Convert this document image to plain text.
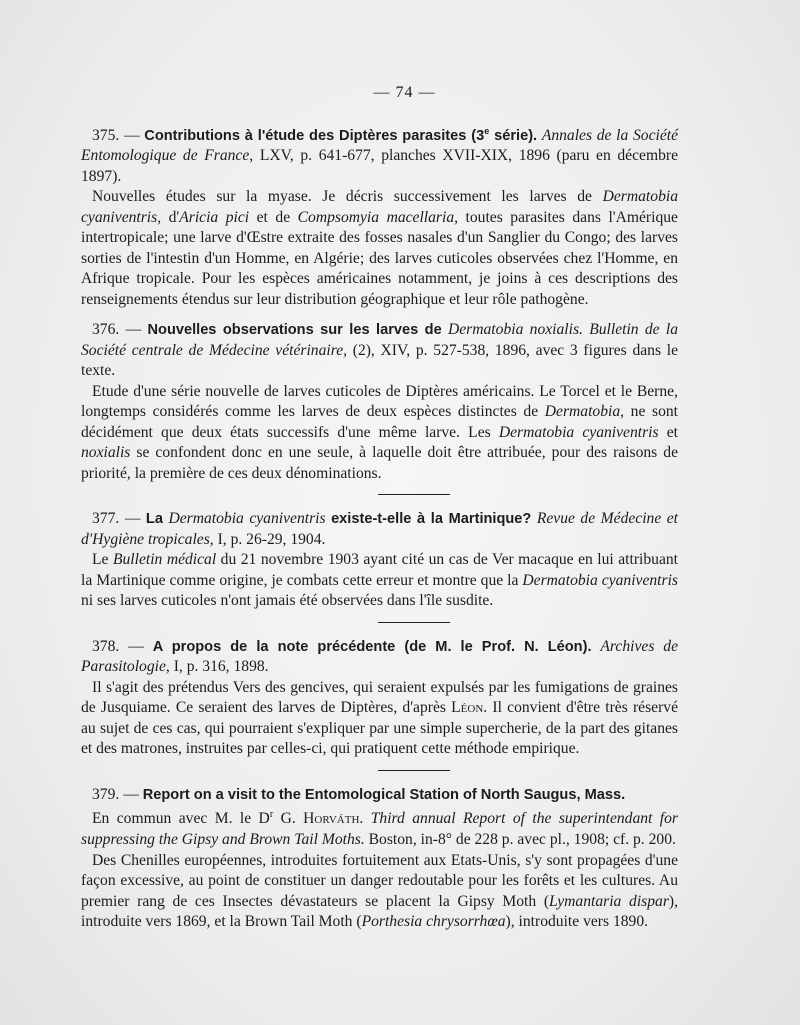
— 74 —

375. — Contributions à l'étude des Diptères parasites (3e série). Annales de la Société Entomologique de France, LXV, p. 641-677, planches XVII-XIX, 1896 (paru en décembre 1897).

Nouvelles études sur la myase. Je décris successivement les larves de Dermatobia cyaniventris, d'Aricia pici et de Compsomyia macellaria, toutes parasites dans l'Amérique intertropicale; une larve d'Œstre extraite des fosses nasales d'un Sanglier du Congo; des larves sorties de l'intestin d'un Homme, en Algérie; des larves cuticoles observées chez l'Homme, en Afrique tropicale. Pour les espèces américaines notamment, je joins à ces descriptions des renseignements étendus sur leur distribution géographique et leur rôle pathogène.

376. — Nouvelles observations sur les larves de Dermatobia noxialis. Bulletin de la Société centrale de Médecine vétérinaire, (2), XIV, p. 527-538, 1896, avec 3 figures dans le texte.

Etude d'une série nouvelle de larves cuticoles de Diptères américains. Le Torcel et le Berne, longtemps considérés comme les larves de deux espèces distinctes de Dermatobia, ne sont décidément que deux états successifs d'une même larve. Les Dermatobia cyaniventris et noxialis se confondent donc en une seule, à laquelle doit être attribuée, pour des raisons de priorité, la première de ces deux dénominations.

377. — La Dermatobia cyaniventris existe-t-elle à la Martinique? Revue de Médecine et d'Hygiène tropicales, I, p. 26-29, 1904.

Le Bulletin médical du 21 novembre 1903 ayant cité un cas de Ver macaque en lui attribuant la Martinique comme origine, je combats cette erreur et montre que la Dermatobia cyaniventris ni ses larves cuticoles n'ont jamais été observées dans l'île susdite.

378. — A propos de la note précédente (de M. le Prof. N. Léon). Archives de Parasitologie, I, p. 316, 1898.

Il s'agit des prétendus Vers des gencives, qui seraient expulsés par les fumigations de graines de Jusquiame. Ce seraient des larves de Diptères, d'après Léon. Il convient d'être très réservé au sujet de ces cas, qui pourraient s'expliquer par une simple supercherie, de la part des gitanes et des matrones, instruites par celles-ci, qui pratiquent cette méthode empirique.

379. — Report on a visit to the Entomological Station of North Saugus, Mass.

En commun avec M. le $D^r$ G. Horváth. Third annual Report of the superintendant for suppressing the Gipsy and Brown Tail Moths. Boston, in-8° de 228 p. avec pl., 1908; cf. p. 200.

Des Chenilles européennes, introduites fortuitement aux Etats-Unis, s'y sont propagées d'une façon excessive, au point de constituer un danger redoutable pour les forêts et les cultures. Au premier rang de ces Insectes dévastateurs se placent la Gipsy Moth (Lymantaria dispar), introduite vers 1869, et la Brown Tail Moth (Porthesia chrysorrhœa), introduite vers 1890.
